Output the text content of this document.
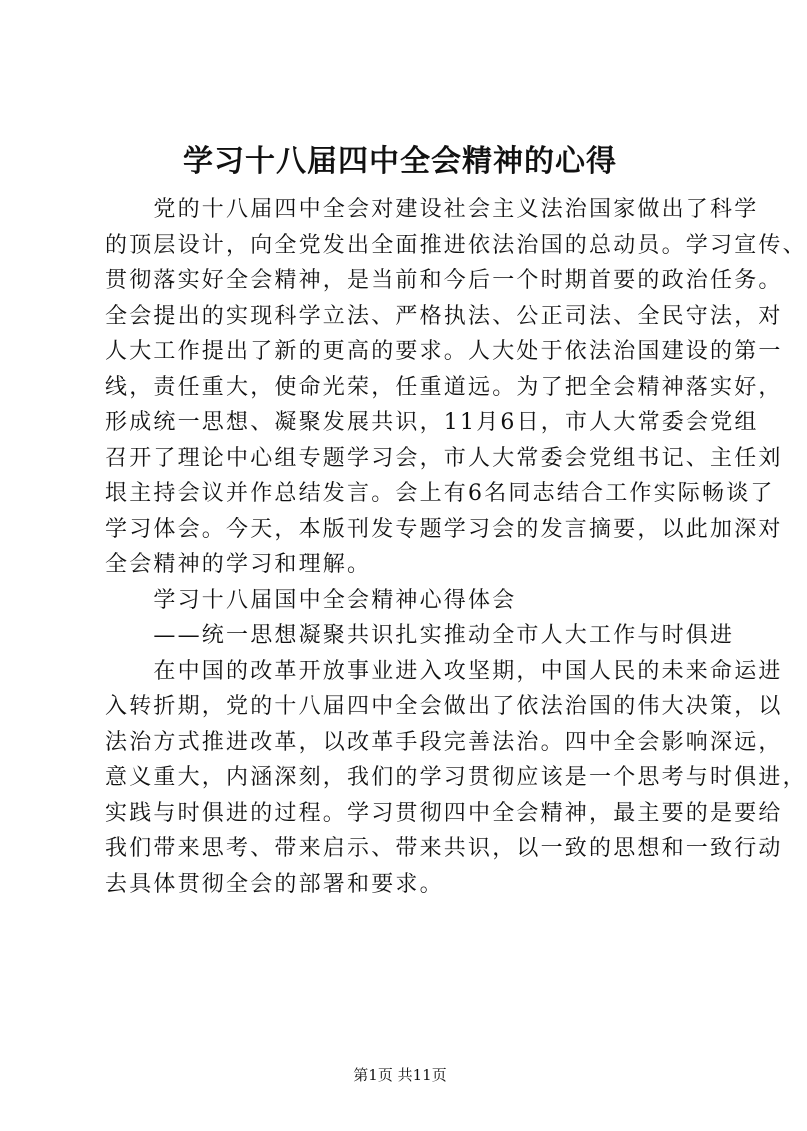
学习十八届四中全会精神的心得
　　党的十八届四中全会对建设社会主义法治国家做出了科学
的顶层设计，向全党发出全面推进依法治国的总动员。学习宣传、
贯彻落实好全会精神，是当前和今后一个时期首要的政治任务。
全会提出的实现科学立法、严格执法、公正司法、全民守法，对
人大工作提出了新的更高的要求。人大处于依法治国建设的第一
线，责任重大，使命光荣，任重道远。为了把全会精神落实好，
形成统一思想、凝聚发展共识，11月6日，市人大常委会党组
召开了理论中心组专题学习会，市人大常委会党组书记、主任刘
垠主持会议并作总结发言。会上有6名同志结合工作实际畅谈了
学习体会。今天，本版刊发专题学习会的发言摘要，以此加深对
全会精神的学习和理解。
　　学习十八届国中全会精神心得体会
　　——统一思想凝聚共识扎实推动全市人大工作与时俱进
　　在中国的改革开放事业进入攻坚期，中国人民的未来命运进
入转折期，党的十八届四中全会做出了依法治国的伟大决策，以
法治方式推进改革，以改革手段完善法治。四中全会影响深远，
意义重大，内涵深刻，我们的学习贯彻应该是一个思考与时俱进，
实践与时俱进的过程。学习贯彻四中全会精神，最主要的是要给
我们带来思考、带来启示、带来共识，以一致的思想和一致行动
去具体贯彻全会的部署和要求。
第1页 共11页
